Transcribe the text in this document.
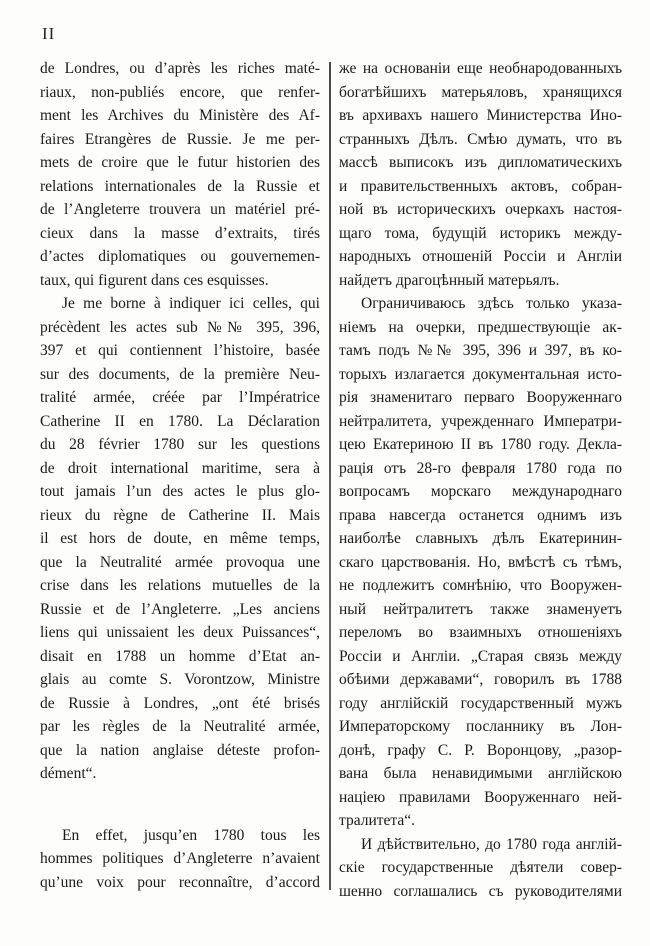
II
de Londres, ou d’après les riches maté-
riaux, non-publiés encore, que renfer-
ment les Archives du Ministère des Af-
faires Etrangères de Russie. Je me per-
mets de croire que le futur historien des
relations internationales de la Russie et
de l’Angleterre trouvera un matériel pré-
cieux dans la masse d’extraits, tirés
d’actes diplomatiques ou gouvernemen-
taux, qui figurent dans ces esquisses.
Je me borne à indiquer ici celles, qui
précèdent les actes sub №№ 395, 396,
397 et qui contiennent l’histoire, basée
sur des documents, de la première Neu-
tralité armée, créée par l’Impératrice
Catherine II en 1780. La Déclaration
du 28 février 1780 sur les questions
de droit international maritime, sera à
tout jamais l’un des actes le plus glo-
rieux du règne de Catherine II. Mais
il est hors de doute, en même temps,
que la Neutralité armée provoqua une
crise dans les relations mutuelles de la
Russie et de l’Angleterre. „Les anciens
liens qui unissaient les deux Puissances“,
disait en 1788 un homme d’Etat an-
glais au comte S. Vorontzow, Ministre
de Russie à Londres, „ont été brisés
par les règles de la Neutralité armée,
que la nation anglaise déteste profon-
dément“.
En effet, jusqu’en 1780 tous les
hommes politiques d’Angleterre n’avaient
qu’une voix pour reconnaître, d’accord
же на основаніи еще необнародованныхъ
богатѣйшихъ матерьяловъ, хранящихся
въ архивахъ нашего Министерства Ино-
странныхъ Дѣлъ. Смѣю думать, что въ
массѣ выписокъ изъ дипломатическихъ
и правительственныхъ актовъ, собран-
ной въ историческихъ очеркахъ настоя-
щаго тома, будущій историкъ между-
народныхъ отношеній Россіи и Англіи
найдетъ драгоцѣнный матерьялъ.
Ограничиваюсь здѣсь только указа-
ніемъ на очерки, предшествующіе ак-
тамъ подъ №№ 395, 396 и 397, въ ко-
торыхъ излагается документальная исто-
рія знаменитаго перваго Вооруженнаго
нейтралитета, учрежденнаго Императри-
цею Екатериною II въ 1780 году. Декла-
рація отъ 28-го февраля 1780 года по
вопросамъ морскаго международнаго
права навсегда останется однимъ изъ
наиболѣе славныхъ дѣлъ Екатеринин-
скаго царствованія. Но, вмѣстѣ съ тѣмъ,
не подлежитъ сомнѣнію, что Вооружен-
ный нейтралитетъ также знаменуетъ
переломъ во взаимныхъ отношеніяхъ
Россіи и Англіи. „Старая связь между
обѣими державами“, говорилъ въ 1788
году англійскій государственный мужъ
Императорскому посланнику въ Лон-
донѣ, графу С. Р. Воронцову, „разор-
вана была ненавидимыми англійскою
націею правилами Вооруженнаго ней-
тралитета“.
И дѣйствительно, до 1780 года англій-
скіе государственные дѣятели совер-
шенно соглашались съ руководителями
